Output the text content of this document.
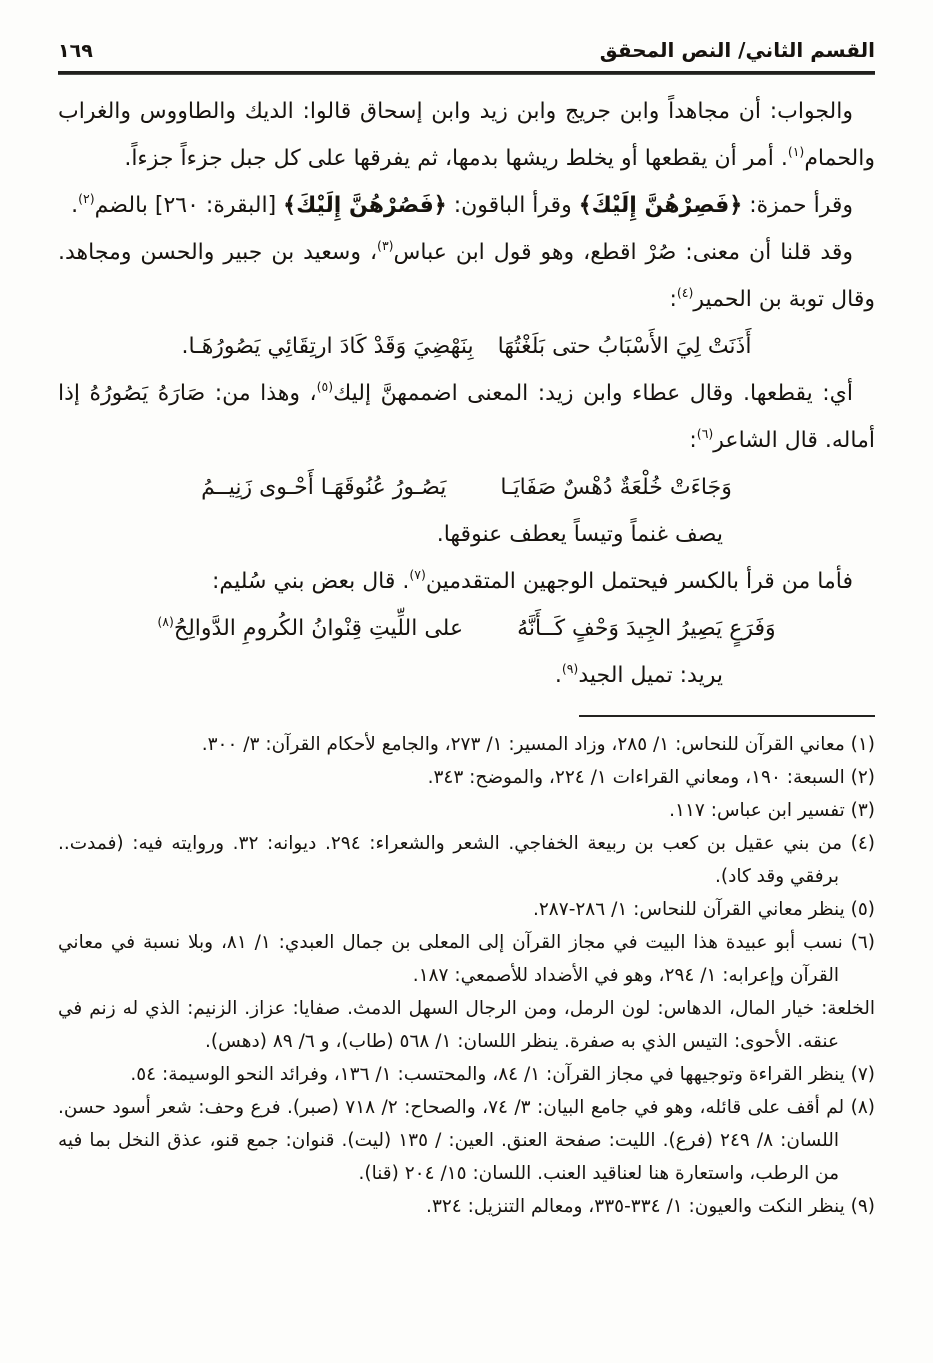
القسم الثاني/ النص المحقق
١٦٩

والجواب: أن مجاهداً وابن جريج وابن زيد وابن إسحاق قالوا: الديك والطاووس والغراب والحمام$^{(١)}$. أمر أن يقطعها أو يخلط ريشها بدمها، ثم يفرقها على كل جبل جزءاً جزءاً.

وقرأ حمزة: ﴿فَصِرْهُنَّ إِلَيْكَ﴾ وقرأ الباقون: ﴿فَصُرْهُنَّ إِلَيْكَ﴾ [البقرة: ٢٦٠] بالضم$^{(٢)}$.

وقد قلنا أن معنى: صُرْ اقطع، وهو قول ابن عباس$^{(٣)}$، وسعيد بن جبير والحسن ومجاهد. وقال توبة بن الحمير$^{(٤)}$:

أَذَنَتْ لِيَ الأَسْبَابُ حتى بَلَغْتُهَا
بِنَهْضِيَ وَقَدْ كَادَ ارتِقَائِي يَصُورُهَـا.

أي: يقطعها. وقال عطاء وابن زيد: المعنى اضممهنَّ إليك$^{(٥)}$، وهذا من: صَارَهُ يَصُورُهُ إذا أماله. قال الشاعر$^{(٦)}$:

وَجَاءَتْ خُلْعَةٌ دُهْسٌ صَفَايَـا
يَصُـورُ عُنُوقَهَـا أَحْـوى زَنِيــمُ
يصف غنماً وتيساً يعطف عنوقها.

فأما من قرأ بالكسر فيحتمل الوجهين المتقدمين$^{(٧)}$. قال بعض بني سُليم:

وَفَرَعٍ يَصِيرُ الجِيدَ وَحْفٍ كَــأَنَّهُ
على اللِّيتِ قِنْوانُ الكُرومِ الدَّوالِحُ$^{(٨)}$
يريد: تميل الجيد$^{(٩)}$.
(١) معاني القرآن للنحاس: ١/ ٢٨٥، وزاد المسير: ١/ ٢٧٣، والجامع لأحكام القرآن: ٣/ ٣٠٠.
(٢) السبعة: ١٩٠، ومعاني القراءات ١/ ٢٢٤، والموضح: ٣٤٣.
(٣) تفسير ابن عباس: ١١٧.
(٤) من بني عقيل بن كعب بن ربيعة الخفاجي. الشعر والشعراء: ٢٩٤. ديوانه: ٣٢. وروايته فيه: (فمدت.. برفقي وقد كاد).
(٥) ينظر معاني القرآن للنحاس: ١/ ٢٨٦-٢٨٧.
(٦) نسب أبو عبيدة هذا البيت في مجاز القرآن إلى المعلى بن جمال العبدي: ١/ ٨١، وبلا نسبة في معاني القرآن وإعرابه: ١/ ٢٩٤، وهو في الأضداد للأصمعي: ١٨٧.
الخلعة: خيار المال، الدهاس: لون الرمل، ومن الرجال السهل الدمث. صفايا: عزاز. الزنيم: الذي له زنم في عنقه. الأحوى: التيس الذي به صفرة. ينظر اللسان: ١/ ٥٦٨ (طاب)، و ٦/ ٨٩ (دهس).
(٧) ينظر القراءة وتوجيهها في مجاز القرآن: ١/ ٨٤، والمحتسب: ١/ ١٣٦، وفرائد النحو الوسيمة: ٥٤.
(٨) لم أقف على قائله، وهو في جامع البيان: ٣/ ٧٤، والصحاح: ٢/ ٧١٨ (صبر). فرع وحف: شعر أسود حسن. اللسان: ٨/ ٢٤٩ (فرع). الليت: صفحة العنق. العين: / ١٣٥ (ليت). قنوان: جمع قنو، عذق النخل بما فيه من الرطب، واستعارة هنا لعناقيد العنب. اللسان: ١٥/ ٢٠٤ (قنا).
(٩) ينظر النكت والعيون: ١/ ٣٣٤-٣٣٥، ومعالم التنزيل: ٣٢٤.
